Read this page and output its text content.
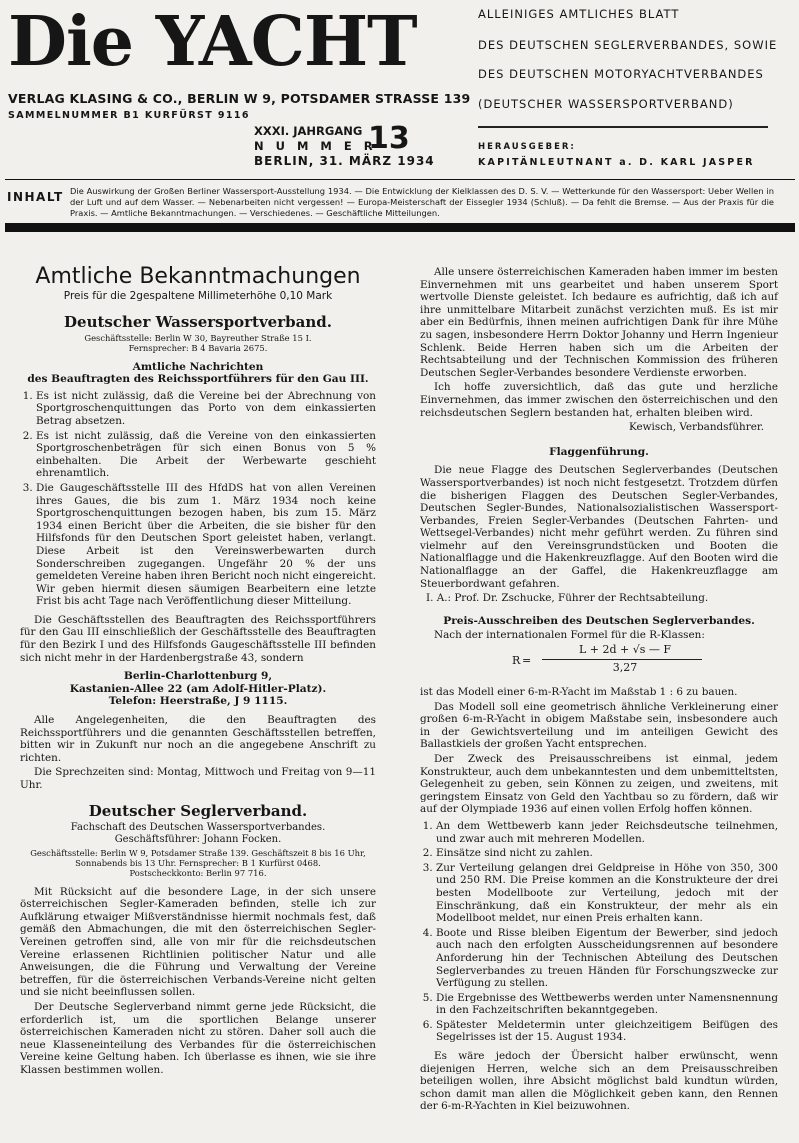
Die YACHT
VERLAG KLASING & CO., BERLIN W 9, POTSDAMER STRASSE 139
SAMMELNUMMER B1 KURFÜRST 9116
XXXI. JAHRGANG
N U M M E R
13
BERLIN, 31. MÄRZ 1934
ALLEINIGES AMTLICHES BLATT
DES DEUTSCHEN SEGLERVERBANDES, SOWIE
DES DEUTSCHEN MOTORYACHTVERBANDES
(DEUTSCHER WASSERSPORTVERBAND)
HERAUSGEBER:
KAPITÄNLEUTNANT a. D. KARL JASPER
INHALT Die Auswirkung der Großen Berliner Wassersport-Ausstellung 1934. — Die Entwicklung der Kielklassen des D. S. V. — Wetterkunde für den Wassersport: Ueber Wellen in der Luft und auf dem Wasser. — Nebenarbeiten nicht vergessen! — Europa-Meisterschaft der Eissegler 1934 (Schluß). — Da fehlt die Bremse. — Aus der Praxis für die Praxis. — Amtliche Bekanntmachungen. — Verschiedenes. — Geschäftliche Mitteilungen.
Amtliche Bekanntmachungen
Preis für die 2gespaltene Millimeterhöhe 0,10 Mark
Deutscher Wassersportverband.
Geschäftsstelle: Berlin W 30, Bayreuther Straße 15 I.
Fernsprecher: B 4 Bavaria 2675.
Amtliche Nachrichten
des Beauftragten des Reichssportführers für den Gau III.
1. Es ist nicht zulässig, daß die Vereine bei der Abrechnung von Sportgroschenquittungen das Porto von dem einkassierten Betrag absetzen.
2. Es ist nicht zulässig, daß die Vereine von den einkassierten Sportgroschenbeträgen für sich einen Bonus von 5 % einbehalten. Die Arbeit der Werbewarte geschieht ehrenamtlich.
3. Die Gaugeschäftsstelle III des HfdDS hat von allen Vereinen ihres Gaues, die bis zum 1. März 1934 noch keine Sportgroschenquittungen bezogen haben, bis zum 15. März 1934 einen Bericht über die Arbeiten, die sie bisher für den Hilfsfonds für den Deutschen Sport geleistet haben, verlangt. Diese Arbeit ist den Vereinswerbewarten durch Sonderschreiben zugegangen. Ungefähr 20 % der uns gemeldeten Vereine haben ihren Bericht noch nicht eingereicht. Wir geben hiermit diesen säumigen Bearbeitern eine letzte Frist bis acht Tage nach Veröffentlichung dieser Mitteilung.

Die Geschäftsstellen des Beauftragten des Reichssportführers für den Gau III einschließlich der Geschäftsstelle des Beauftragten für den Bezirk I und des Hilfsfonds Gaugeschäftsstelle III befinden sich nicht mehr in der Hardenbergstraße 43, sondern

Berlin-Charlottenburg 9,
Kastanien-Allee 22 (am Adolf-Hitler-Platz).
Telefon: Heerstraße, J 9 1115.

Alle Angelegenheiten, die den Beauftragten des Reichssportführers und die genannten Geschäftsstellen betreffen, bitten wir in Zukunft nur noch an die angegebene Anschrift zu richten.

Die Sprechzeiten sind: Montag, Mittwoch und Freitag von 9—11 Uhr.

Deutscher Seglerverband.
Fachschaft des Deutschen Wassersportverbandes.
Geschäftsführer: Johann Focken.
Geschäftsstelle: Berlin W 9, Potsdamer Straße 139. Geschäftszeit 8 bis 16 Uhr,
Sonnabends bis 13 Uhr. Fernsprecher: B 1 Kurfürst 0468.
Postscheckkonto: Berlin 97 716.

Mit Rücksicht auf die besondere Lage, in der sich unsere österreichischen Segler-Kameraden befinden, stelle ich zur Aufklärung etwaiger Mißverständnisse hiermit nochmals fest, daß gemäß den Abmachungen, die mit den österreichischen Segler-Vereinen getroffen sind, alle von mir für die reichsdeutschen Vereine erlassenen Richtlinien politischer Natur und alle Anweisungen, die die Führung und Verwaltung der Vereine betreffen, für die österreichischen Verbands-Vereine nicht gelten und sie nicht beeinflussen sollen.

Der Deutsche Seglerverband nimmt gerne jede Rücksicht, die erforderlich ist, um die sportlichen Belange unserer österreichischen Kameraden nicht zu stören. Daher soll auch die neue Klasseneinteilung des Verbandes für die österreichischen Vereine keine Geltung haben. Ich überlasse es ihnen, wie sie ihre Klassen bestimmen wollen.

Alle unsere österreichischen Kameraden haben immer im besten Einvernehmen mit uns gearbeitet und haben unserem Sport wertvolle Dienste geleistet. Ich bedaure es aufrichtig, daß ich auf ihre unmittelbare Mitarbeit zunächst verzichten muß. Es ist mir aber ein Bedürfnis, ihnen meinen aufrichtigen Dank für ihre Mühe zu sagen, insbesondere Herrn Doktor Johanny und Herrn Ingenieur Schlenk. Beide Herren haben sich um die Arbeiten der Rechtsabteilung und der Technischen Kommission des früheren Deutschen Segler-Verbandes besondere Verdienste erworben.

Ich hoffe zuversichtlich, daß das gute und herzliche Einvernehmen, das immer zwischen den österreichischen und den reichsdeutschen Seglern bestanden hat, erhalten bleiben wird.

Kewisch, Verbandsführer.

Flaggenführung.

Die neue Flagge des Deutschen Seglerverbandes (Deutschen Wassersportverbandes) ist noch nicht festgesetzt. Trotzdem dürfen die bisherigen Flaggen des Deutschen Segler-Verbandes, Deutschen Segler-Bundes, Nationalsozialistischen Wassersport-Verbandes, Freien Segler-Verbandes (Deutschen Fahrten- und Wettsegel-Verbandes) nicht mehr geführt werden. Zu führen sind vielmehr auf den Vereinsgrundstücken und Booten die Nationalflagge und die Hakenkreuzflagge. Auf den Booten wird die Nationalflagge an der Gaffel, die Hakenkreuzflagge am Steuerbordwant gefahren.

I. A.: Prof. Dr. Zschucke, Führer der Rechtsabteilung.

Preis-Ausschreiben des Deutschen Seglerverbandes.

Nach der internationalen Formel für die R-Klassen:

R =
L + 2d + √s — F
3,27

ist das Modell einer 6-m-R-Yacht im Maßstab 1 : 6 zu bauen.

Das Modell soll eine geometrisch ähnliche Verkleinerung einer großen 6-m-R-Yacht in obigem Maßstabe sein, insbesondere auch in der Gewichtsverteilung und im anteiligen Gewicht des Ballastkiels der großen Yacht entsprechen.

Der Zweck des Preisausschreibens ist einmal, jedem Konstrukteur, auch dem unbekanntesten und dem unbemitteltsten, Gelegenheit zu geben, sein Können zu zeigen, und zweitens, mit geringstem Einsatz von Geld den Yachtbau so zu fördern, daß wir auf der Olympiade 1936 auf einen vollen Erfolg hoffen können.

1. An dem Wettbewerb kann jeder Reichsdeutsche teilnehmen, und zwar auch mit mehreren Modellen.
2. Einsätze sind nicht zu zahlen.
3. Zur Verteilung gelangen drei Geldpreise in Höhe von 350, 300 und 250 RM. Die Preise kommen an die Konstrukteure der drei besten Modellboote zur Verteilung, jedoch mit der Einschränkung, daß ein Konstrukteur, der mehr als ein Modellboot meldet, nur einen Preis erhalten kann.
4. Boote und Risse bleiben Eigentum der Bewerber, sind jedoch auch nach den erfolgten Ausscheidungsrennen auf besondere Anforderung hin der Technischen Abteilung des Deutschen Seglerverbandes zu treuen Händen für Forschungszwecke zur Verfügung zu stellen.
5. Die Ergebnisse des Wettbewerbs werden unter Namensnennung in den Fachzeitschriften bekanntgegeben.
6. Spätester Meldetermin unter gleichzeitigem Beifügen des Segelrisses ist der 15. August 1934.

Es wäre jedoch der Übersicht halber erwünscht, wenn diejenigen Herren, welche sich an dem Preisausschreiben beteiligen wollen, ihre Absicht möglichst bald kundtun würden, schon damit man allen die Möglichkeit geben kann, den Rennen der 6-m-R-Yachten in Kiel beizuwohnen.
